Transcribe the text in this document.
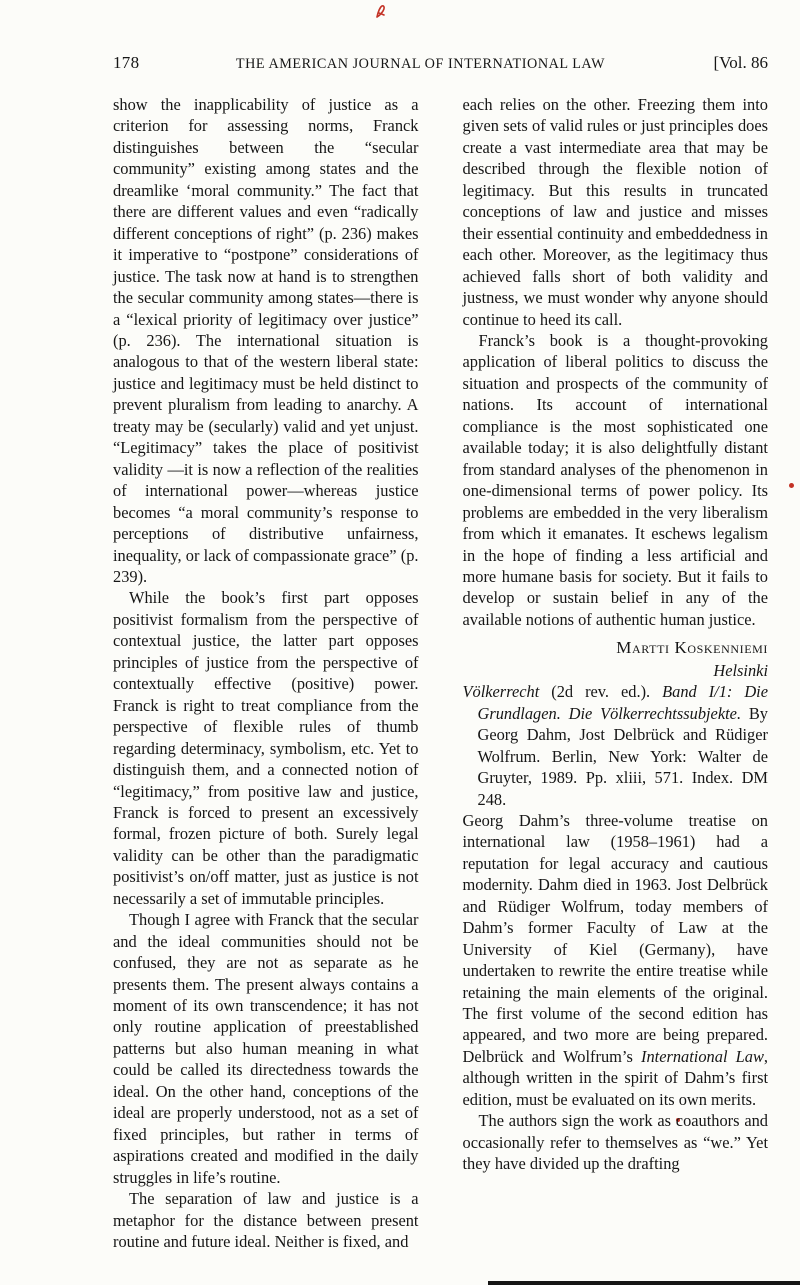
178	THE AMERICAN JOURNAL OF INTERNATIONAL LAW	[Vol. 86

show the inapplicability of justice as a criterion for assessing norms, Franck distinguishes between the “secular community” existing among states and the dreamlike ‘moral community.” The fact that there are different values and even “radically different conceptions of right” (p. 236) makes it imperative to “postpone” considerations of justice. The task now at hand is to strengthen the secular community among states—there is a “lexical priority of legitimacy over justice” (p. 236). The international situation is analogous to that of the western liberal state: justice and legitimacy must be held distinct to prevent pluralism from leading to anarchy. A treaty may be (secularly) valid and yet unjust. “Legitimacy” takes the place of positivist validity —it is now a reflection of the realities of international power—whereas justice becomes “a moral community’s response to perceptions of distributive unfairness, inequality, or lack of compassionate grace” (p. 239).

While the book’s first part opposes positivist formalism from the perspective of contextual justice, the latter part opposes principles of justice from the perspective of contextually effective (positive) power. Franck is right to treat compliance from the perspective of flexible rules of thumb regarding determinacy, symbolism, etc. Yet to distinguish them, and a connected notion of “legitimacy,” from positive law and justice, Franck is forced to present an excessively formal, frozen picture of both. Surely legal validity can be other than the paradigmatic positivist’s on/off matter, just as justice is not necessarily a set of immutable principles.

Though I agree with Franck that the secular and the ideal communities should not be confused, they are not as separate as he presents them. The present always contains a moment of its own transcendence; it has not only routine application of preestablished patterns but also human meaning in what could be called its directedness towards the ideal. On the other hand, conceptions of the ideal are properly understood, not as a set of fixed principles, but rather in terms of aspirations created and modified in the daily struggles in life’s routine.

The separation of law and justice is a metaphor for the distance between present routine and future ideal. Neither is fixed, and

each relies on the other. Freezing them into given sets of valid rules or just principles does create a vast intermediate area that may be described through the flexible notion of legitimacy. But this results in truncated conceptions of law and justice and misses their essential continuity and embeddedness in each other. Moreover, as the legitimacy thus achieved falls short of both validity and justness, we must wonder why anyone should continue to heed its call.

Franck’s book is a thought-provoking application of liberal politics to discuss the situation and prospects of the community of nations. Its account of international compliance is the most sophisticated one available today; it is also delightfully distant from standard analyses of the phenomenon in one-dimensional terms of power policy. Its problems are embedded in the very liberalism from which it emanates. It eschews legalism in the hope of finding a less artificial and more humane basis for society. But it fails to develop or sustain belief in any of the available notions of authentic human justice.

Martti Koskenniemi
Helsinki

Völkerrecht (2d rev. ed.). Band I/1: Die Grundlagen. Die Völkerrechtssubjekte. By Georg Dahm, Jost Delbrück and Rüdiger Wolfrum. Berlin, New York: Walter de Gruyter, 1989. Pp. xliii, 571. Index. DM 248.

Georg Dahm’s three-volume treatise on international law (1958–1961) had a reputation for legal accuracy and cautious modernity. Dahm died in 1963. Jost Delbrück and Rüdiger Wolfrum, today members of Dahm’s former Faculty of Law at the University of Kiel (Germany), have undertaken to rewrite the entire treatise while retaining the main elements of the original. The first volume of the second edition has appeared, and two more are being prepared. Delbrück and Wolfrum’s International Law, although written in the spirit of Dahm’s first edition, must be evaluated on its own merits.

The authors sign the work as coauthors and occasionally refer to themselves as “we.” Yet they have divided up the drafting
